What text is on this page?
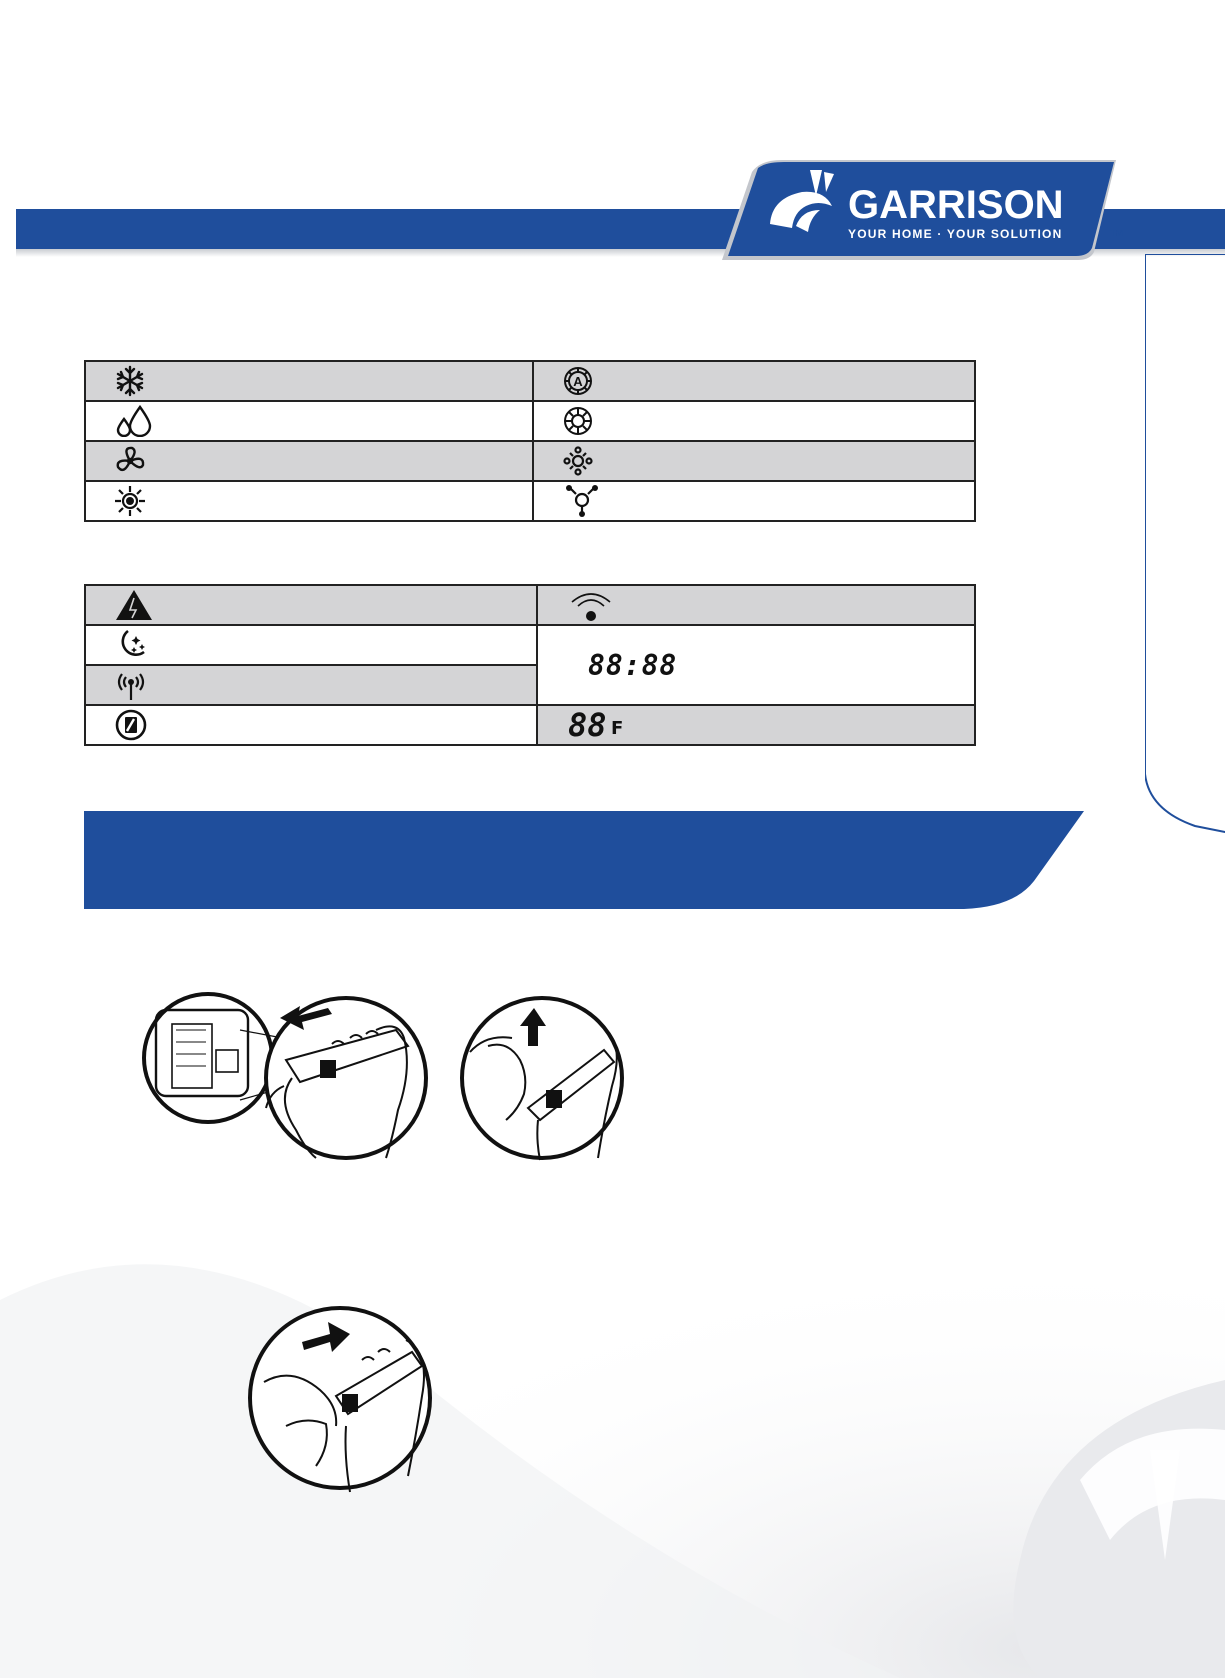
GARRISON
YOUR HOME · YOUR SOLUTION	TM

A

	88:88

	88 F
